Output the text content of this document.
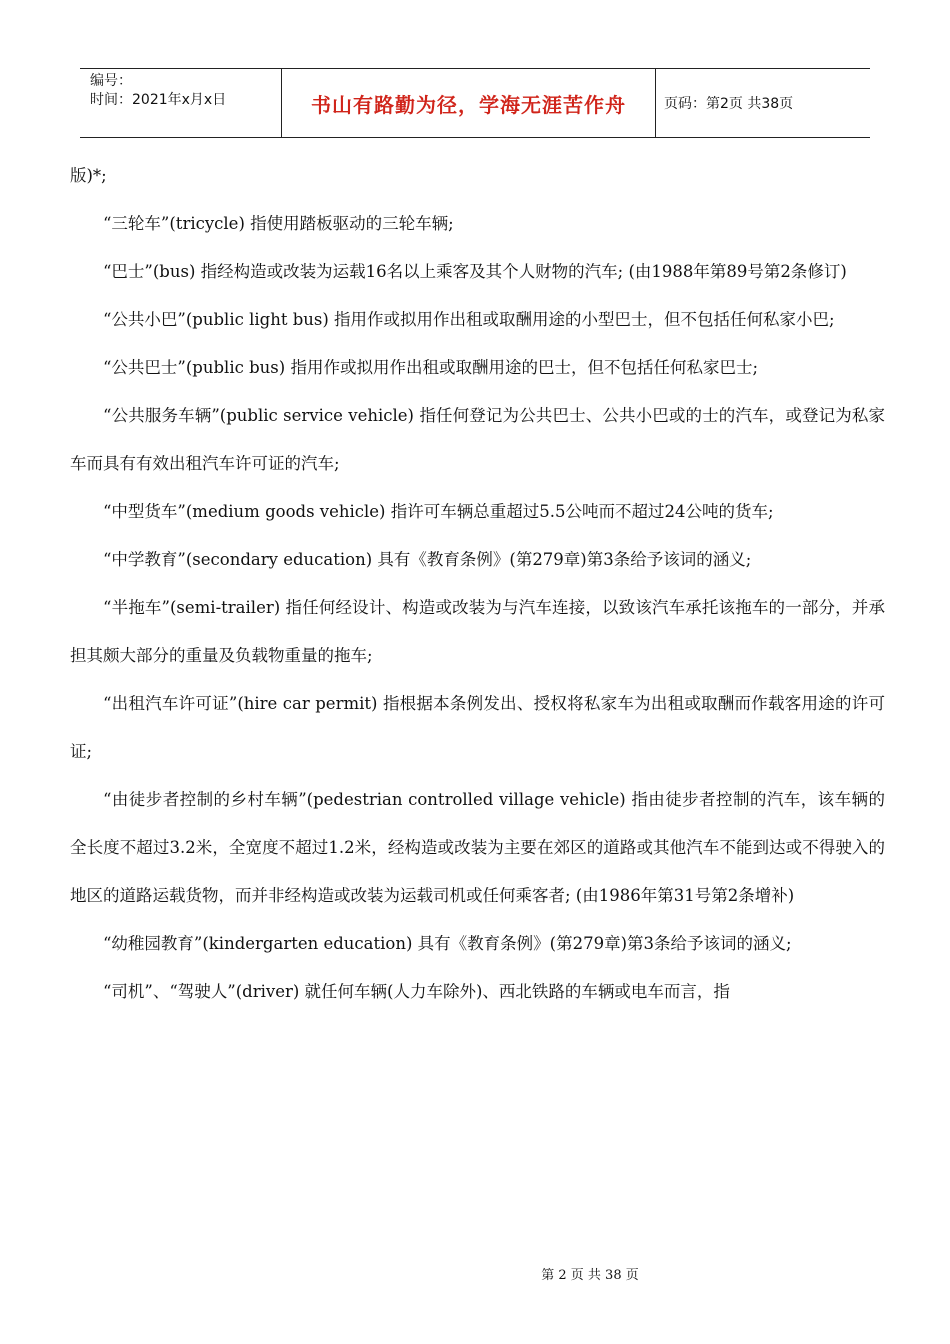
编号：
时间：2021年x月x日	书山有路勤为径，学海无涯苦作舟	页码：第2页 共38页

版)*;

“三轮车”(tricycle) 指使用踏板驱动的三轮车辆;

“巴士”(bus) 指经构造或改装为运载16名以上乘客及其个人财物的汽车; (由1988年第89号第2条修订)

“公共小巴”(public light bus) 指用作或拟用作出租或取酬用途的小型巴士，但不包括任何私家小巴;

“公共巴士”(public bus) 指用作或拟用作出租或取酬用途的巴士，但不包括任何私家巴士;

“公共服务车辆”(public service vehicle) 指任何登记为公共巴士、公共小巴或的士的汽车，或登记为私家车而具有有效出租汽车许可证的汽车;

“中型货车”(medium goods vehicle) 指许可车辆总重超过5.5公吨而不超过24公吨的货车;

“中学教育”(secondary education) 具有《教育条例》(第279章)第3条给予该词的涵义;

“半拖车”(semi-trailer) 指任何经设计、构造或改装为与汽车连接，以致该汽车承托该拖车的一部分，并承担其颇大部分的重量及负载物重量的拖车;

“出租汽车许可证”(hire car permit) 指根据本条例发出、授权将私家车为出租或取酬而作载客用途的许可证;

“由徒步者控制的乡村车辆”(pedestrian controlled village vehicle) 指由徒步者控制的汽车，该车辆的全长度不超过3.2米，全宽度不超过1.2米，经构造或改装为主要在郊区的道路或其他汽车不能到达或不得驶入的地区的道路运载货物，而并非经构造或改装为运载司机或任何乘客者; (由1986年第31号第2条增补)

“幼稚园教育”(kindergarten education) 具有《教育条例》(第279章)第3条给予该词的涵义;

“司机”、“驾驶人”(driver) 就任何车辆(人力车除外)、西北铁路的车辆或电车而言，指

第 2 页 共 38 页
